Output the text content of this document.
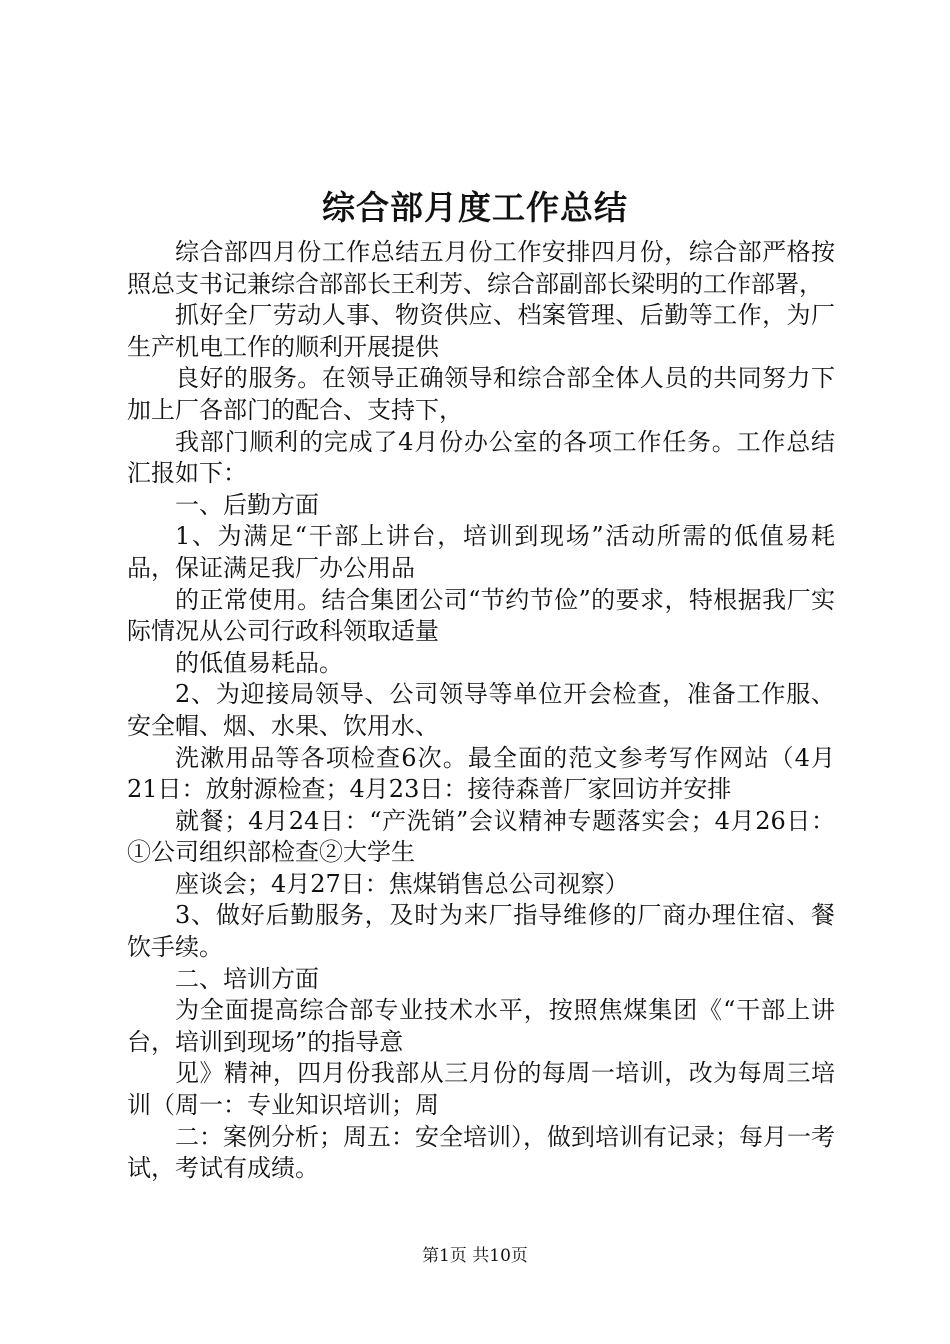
综合部月度工作总结

综合部四月份工作总结五月份工作安排四月份，综合部严格按照总支书记兼综合部部长王利芳、综合部副部长梁明的工作部署，

抓好全厂劳动人事、物资供应、档案管理、后勤等工作，为厂生产机电工作的顺利开展提供

良好的服务。在领导正确领导和综合部全体人员的共同努力下加上厂各部门的配合、支持下，

我部门顺利的完成了4月份办公室的各项工作任务。工作总结汇报如下：

一、后勤方面

1、为满足“干部上讲台，培训到现场”活动所需的低值易耗品，保证满足我厂办公用品

的正常使用。结合集团公司“节约节俭”的要求，特根据我厂实际情况从公司行政科领取适量

的低值易耗品。

2、为迎接局领导、公司领导等单位开会检查，准备工作服、安全帽、烟、水果、饮用水、

洗漱用品等各项检查6次。最全面的范文参考写作网站（4月21日：放射源检查；4月23日：接待森普厂家回访并安排

就餐；4月24日：“产洗销”会议精神专题落实会；4月26日：①公司组织部检查②大学生

座谈会；4月27日：焦煤销售总公司视察）

3、做好后勤服务，及时为来厂指导维修的厂商办理住宿、餐饮手续。

二、培训方面

为全面提高综合部专业技术水平，按照焦煤集团《“干部上讲台，培训到现场”的指导意

见》精神，四月份我部从三月份的每周一培训，改为每周三培训（周一：专业知识培训；周

二：案例分析；周五：安全培训），做到培训有记录；每月一考试，考试有成绩。

第1页 共10页
